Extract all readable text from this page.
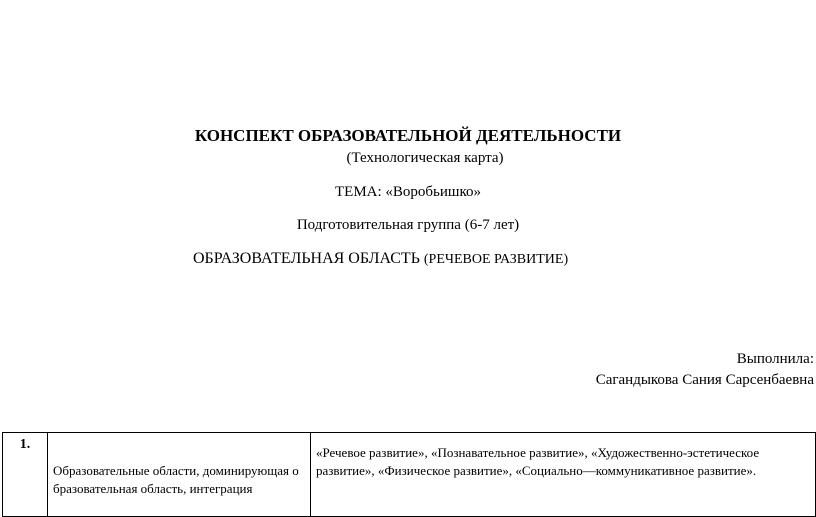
КОНСПЕКТ ОБРАЗОВАТЕЛЬНОЙ ДЕЯТЕЛЬНОСТИ
(Технологическая карта)
ТЕМА: «Воробьишко»
Подготовительная группа (6-7 лет)
ОБРАЗОВАТЕЛЬНАЯ ОБЛАСТЬ (РЕЧЕВОЕ РАЗВИТИЕ)
Выполнила:
Сагандыкова Сания Сарсенбаевна
1.	Образовательные области, доминирующая о бразовательная область, интеграция	«Речевое развитие», «Познавательное развитие», «Художественно-эстетическое развитие», «Физическое развитие», «Социально—коммуникативное развитие».
